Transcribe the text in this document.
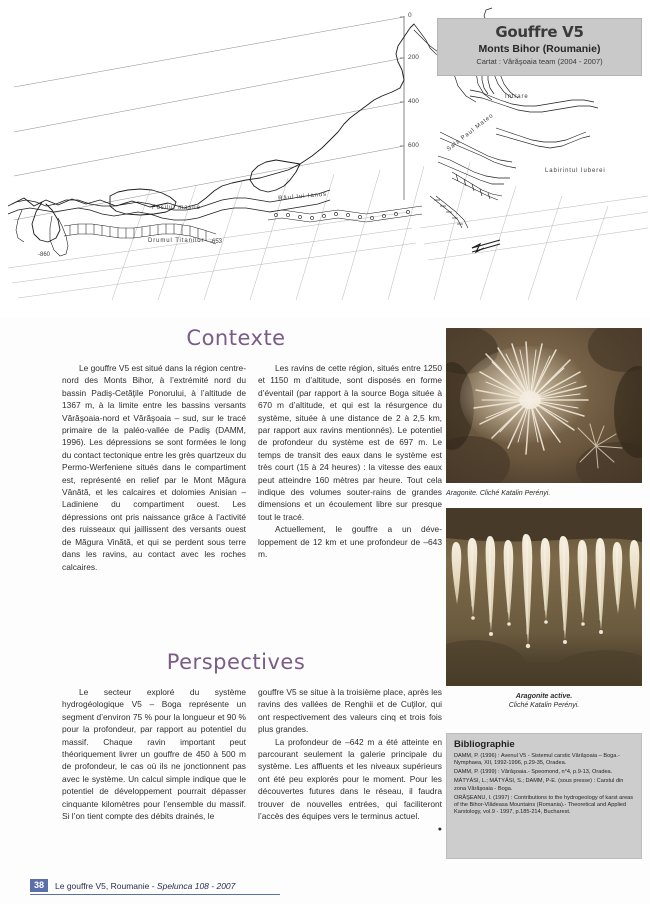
0
200
400
600
Intrare
Sala Paul Mateo
Labirintul Iuberei
Râul lui Ianus
Fosilul masue
Drumul Titanilor -653
-860
Gouffre V5
Monts Bihor (Roumanie)
Cartat : Vărăşoaia team (2004 - 2007)
Contexte

Le gouffre V5 est situé dans la région centre-nord des Monts Bihor, à l’extrémité nord du bassin Padiş-Cetăţile Ponorului, à l’altitude de 1367 m, à la limite entre les bassins versants Vărăşoaia-nord et Vărăşoaia – sud, sur le tracé primaire de la paléo-vallée de Padiş (DAMM, 1996). Les dépressions se sont formées le long du contact tectonique entre les grès quartzeux du Permo-Werfeniene situés dans le compartiment est, représenté en relief par le Mont Măgura Vânătă, et les calcaires et dolomies Anisian – Ladiniene du compartiment ouest. Les dépressions ont pris naissance grâce à l’activité des ruisseaux qui jaillissent des versants ouest de Măgura Vinătă, et qui se perdent sous terre dans les ravins, au contact avec les roches calcaires.

Les ravins de cette région, situés entre 1250 et 1150 m d’altitude, sont disposés en forme d’éventail (par rapport à la source Boga située à 670 m d’altitude, et qui est la résurgence du système, située à une distance de 2 à 2,5 km, par rapport aux ravins mentionnés). Le potentiel de profondeur du système est de 697 m. Le temps de transit des eaux dans le système est très court (15 à 24 heures) : la vitesse des eaux peut atteindre 160 mètres par heure. Tout cela indique des volumes souter-rains de grandes dimensions et un écoulement libre sur presque tout le tracé.

Actuellement, le gouffre a un déve-loppement de 12 km et une profondeur de –643 m.

Perspectives

Le secteur exploré du système hydrogéologique V5 – Boga représente un segment d’environ 75 % pour la longueur et 90 % pour la profondeur, par rapport au potentiel du massif. Chaque ravin important peut théoriquement livrer un gouffre de 450 à 500 m de profondeur, le cas où ils ne jonctionnent pas avec le système. Un calcul simple indique que le potentiel de développement pourrait dépasser cinquante kilomètres pour l’ensemble du massif. Si l’on tient compte des débits drainés, le

gouffre V5 se situe à la troisième place, après les ravins des vallées de Renghii et de Cuţilor, qui ont respectivement des valeurs cinq et trois fois plus grandes.

La profondeur de –642 m a été atteinte en parcourant seulement la galerie principale du système. Les affluents et les niveaux supérieurs ont été peu explorés pour le moment. Pour les découvertes futures dans le réseau, il faudra trouver de nouvelles entrées, qui faciliteront l’accès des équipes vers le terminus actuel.

●
Aragonite. Cliché Katalin Perényi.
Aragonite active.
Cliché Katalin Perényi.
Bibliographie
DAMM, P. (1996) : Avenul V5 - Sistemul carstic Vărăşoaia – Boga.- Nymphaea, XII, 1992-1996, p.29-35, Oradea.
DAMM, P. (1999) : Vărăşoaia.- Speomond, n°4, p.9-13, Oradea.
MÁTYÁSI, L.; MÁTYÁSI, S.; DAMM, P-E. (sous presse) : Carstul din zona Vărăşoaia - Boga.
ORĂŞEANU, I. (1997) : Contributions to the hydrogeology of karst areas of the Bihor-Vlădeasa Mountains (Romania).- Theoretical and Applied Karstology, vol.9 - 1997, p.185-214, Bucharest.
38	Le gouffre V5, Roumanie - Spelunca 108 - 2007
